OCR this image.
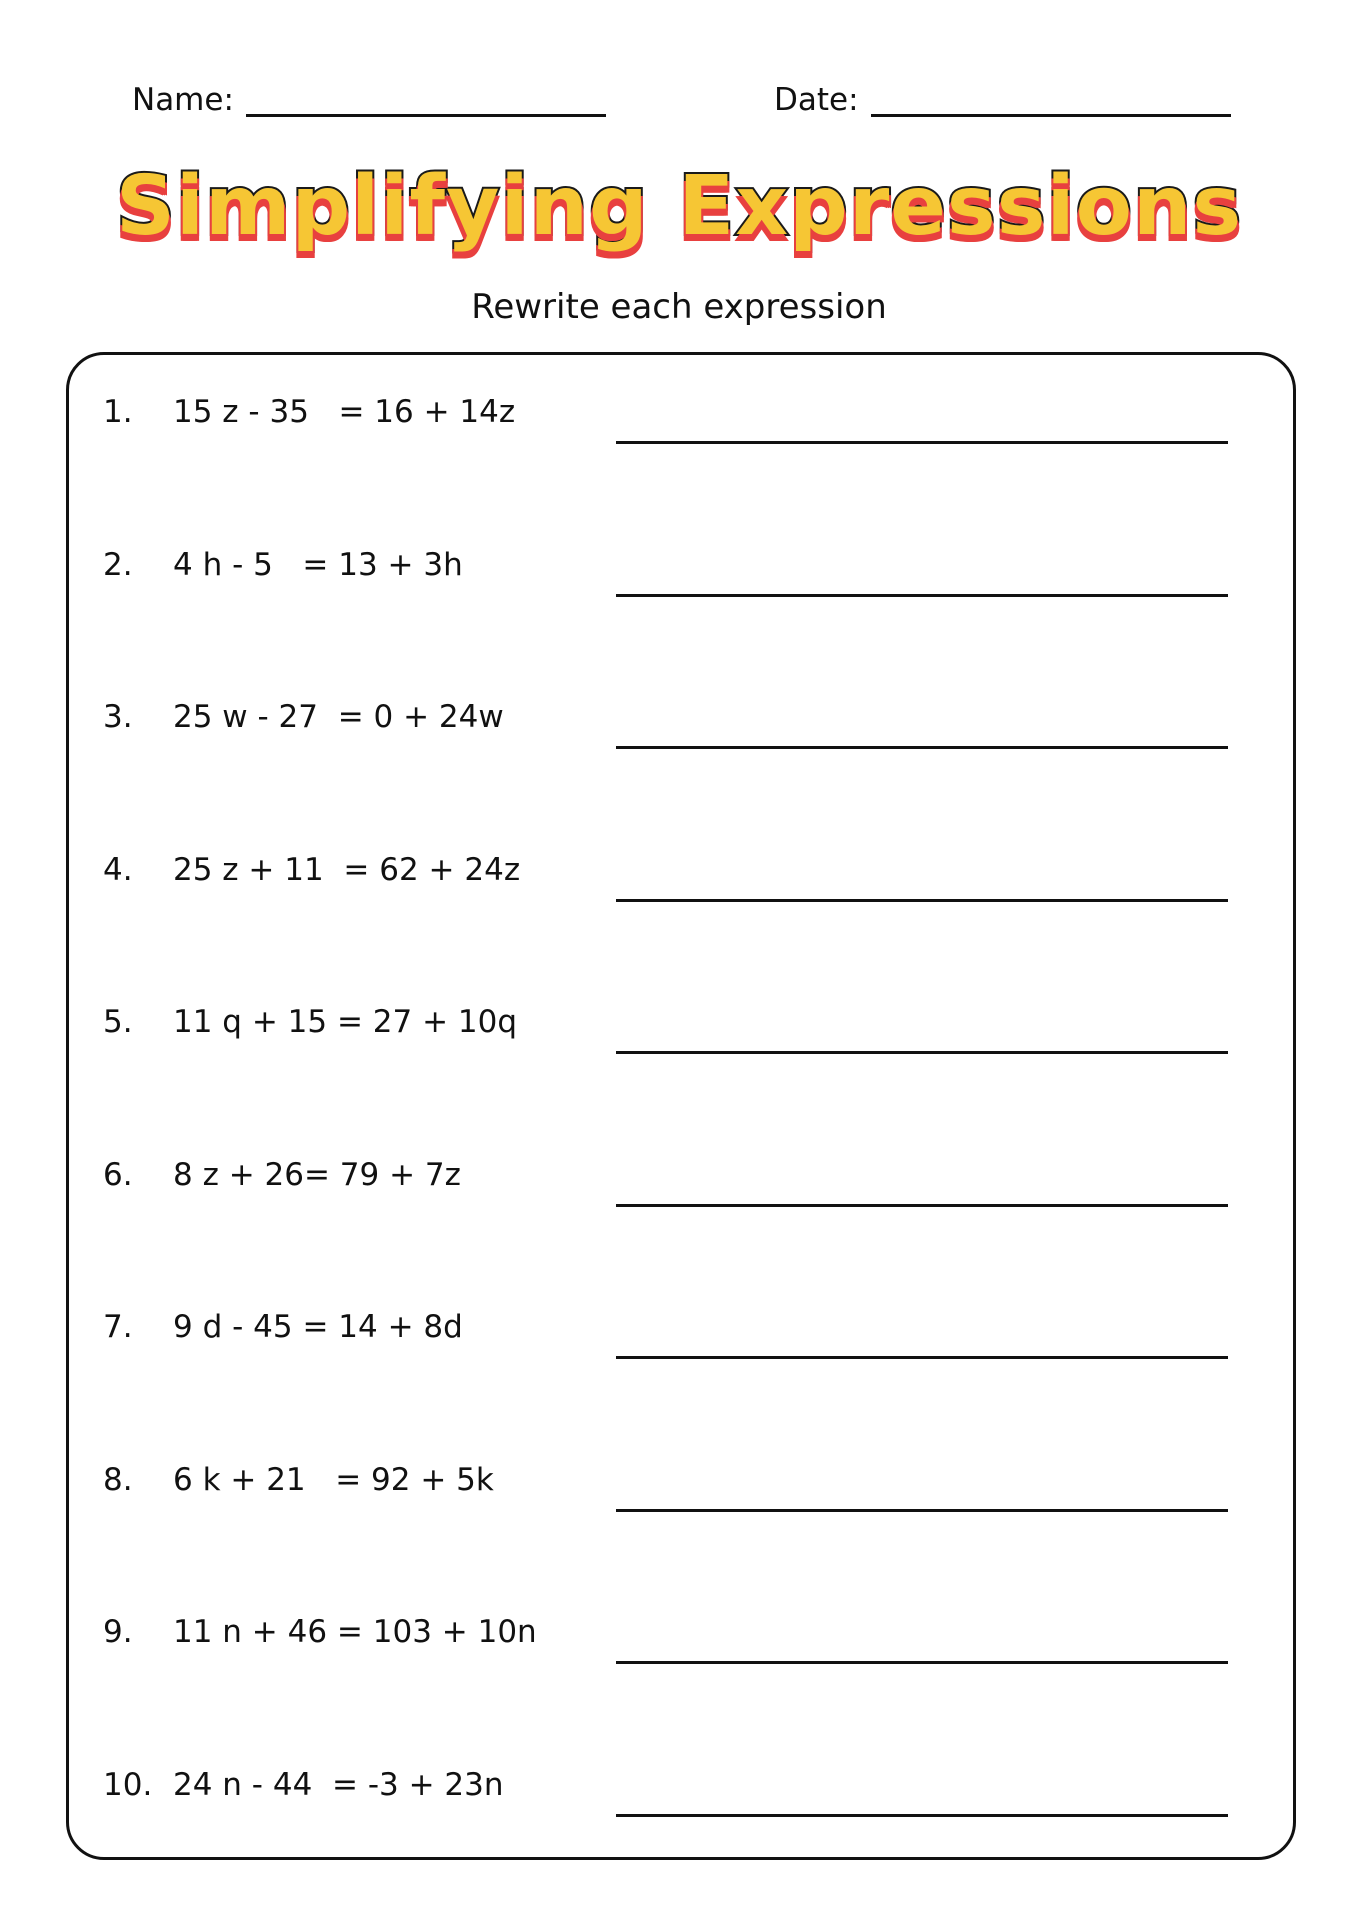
Name:	Date:
Simplifying Expressions
Rewrite each expression
1. 15 z - 35   = 16 + 14z
2. 4 h - 5   = 13 + 3h
3. 25 w - 27  = 0 + 24w
4. 25 z + 11  = 62 + 24z
5. 11 q + 15 = 27 + 10q
6. 8 z + 26= 79 + 7z
7. 9 d - 45 = 14 + 8d
8. 6 k + 21   = 92 + 5k
9. 11 n + 46 = 103 + 10n
10. 24 n - 44  = -3 + 23n
